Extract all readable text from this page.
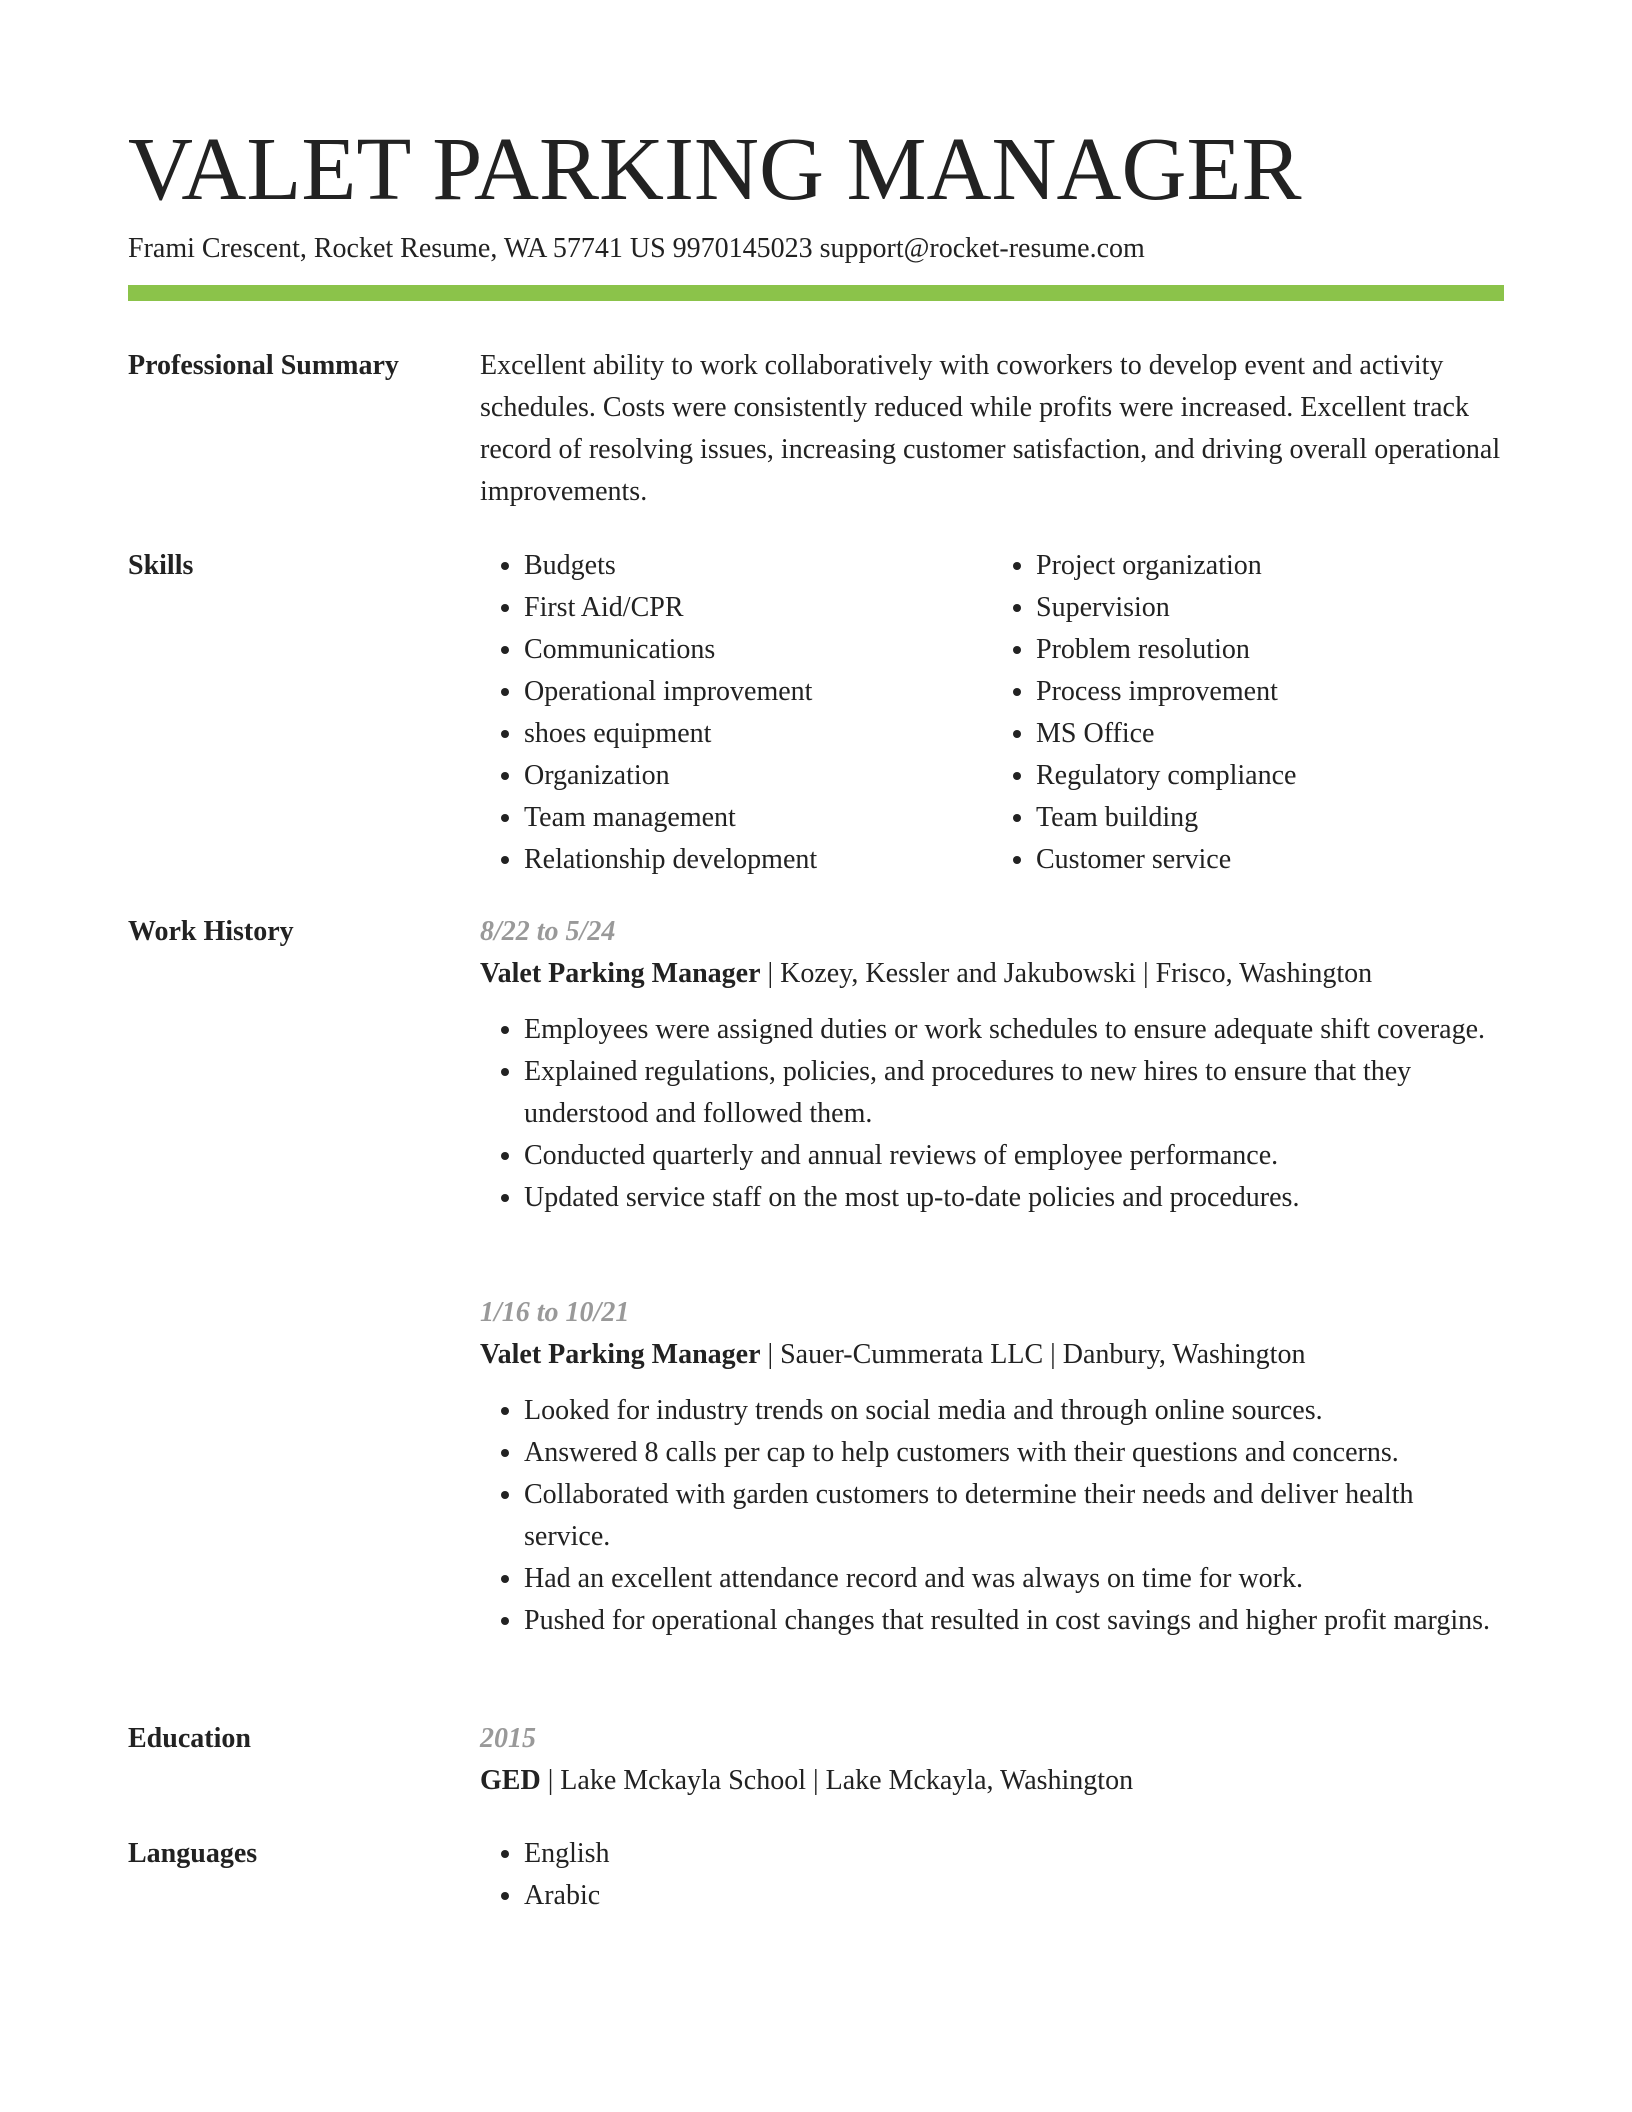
VALET PARKING MANAGER
Frami Crescent, Rocket Resume, WA 57741 US 9970145023 support@rocket-resume.com
Professional Summary	Excellent ability to work collaboratively with coworkers to develop event and activity schedules. Costs were consistently reduced while profits were increased. Excellent track record of resolving issues, increasing customer satisfaction, and driving overall operational improvements.

Skills	• Budgets
• First Aid/CPR
• Communications
• Operational improvement
• shoes equipment
• Organization
• Team management
• Relationship development
• Project organization
• Supervision
• Problem resolution
• Process improvement
• MS Office
• Regulatory compliance
• Team building
• Customer service
Work History	8/22 to 5/24
Valet Parking Manager | Kozey, Kessler and Jakubowski | Frisco, Washington
• Employees were assigned duties or work schedules to ensure adequate shift coverage.
• Explained regulations, policies, and procedures to new hires to ensure that they understood and followed them.
• Conducted quarterly and annual reviews of employee performance.
• Updated service staff on the most up-to-date policies and procedures.
1/16 to 10/21
Valet Parking Manager | Sauer-Cummerata LLC | Danbury, Washington
• Looked for industry trends on social media and through online sources.
• Answered 8 calls per cap to help customers with their questions and concerns.
• Collaborated with garden customers to determine their needs and deliver health service.
• Had an excellent attendance record and was always on time for work.
• Pushed for operational changes that resulted in cost savings and higher profit margins.
Education	2015
GED | Lake Mckayla School | Lake Mckayla, Washington
Languages	• English
• Arabic
